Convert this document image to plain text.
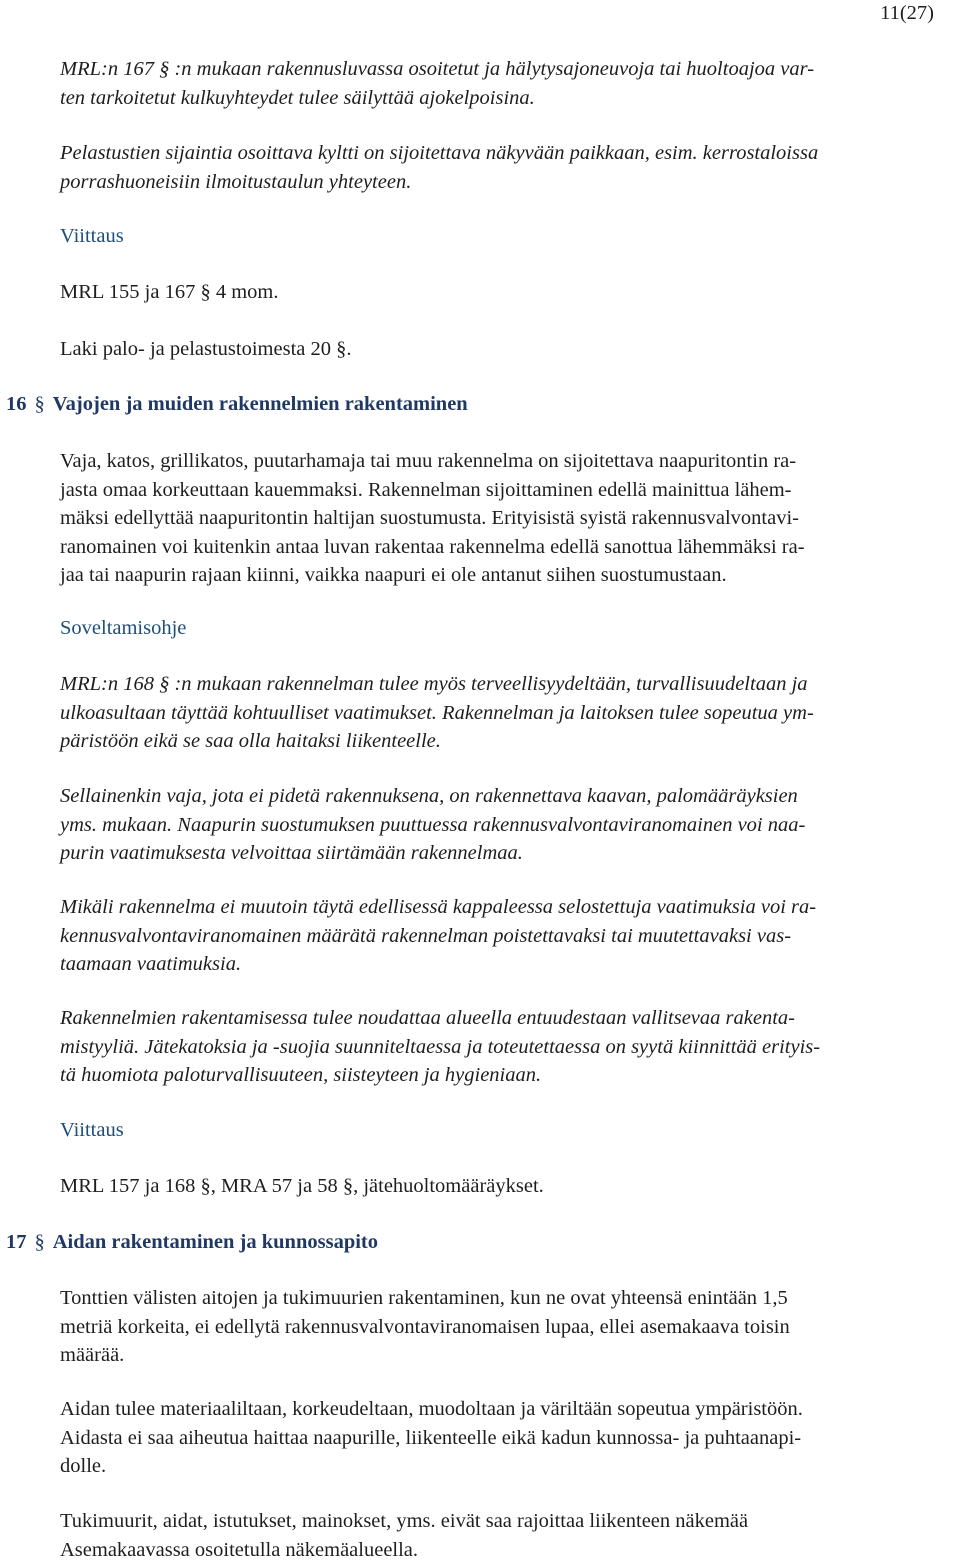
11(27)

MRL:n 167 § :n mukaan rakennusluvassa osoitetut ja hälytysajoneuvoja tai huoltoajoa var-
ten tarkoitetut kulkuyhteydet tulee säilyttää ajokelpoisina.

Pelastustien sijaintia osoittava kyltti on sijoitettava näkyvään paikkaan, esim. kerrostaloissa
porrashuoneisiin ilmoitustaulun yhteyteen.

Viittaus

MRL 155 ja 167 § 4 mom.

Laki palo- ja pelastustoimesta 20 §.

16 § Vajojen ja muiden rakennelmien rakentaminen

Vaja, katos, grillikatos, puutarhamaja tai muu rakennelma on sijoitettava naapuritontin ra-
jasta omaa korkeuttaan kauemmaksi. Rakennelman sijoittaminen edellä mainittua lähem-
mäksi edellyttää naapuritontin haltijan suostumusta. Erityisistä syistä rakennusvalvontavi-
ranomainen voi kuitenkin antaa luvan rakentaa rakennelma edellä sanottua lähemmäksi ra-
jaa tai naapurin rajaan kiinni, vaikka naapuri ei ole antanut siihen suostumustaan.

Soveltamisohje

MRL:n 168 § :n mukaan rakennelman tulee myös terveellisyydeltään, turvallisuudeltaan ja
ulkoasultaan täyttää kohtuulliset vaatimukset. Rakennelman ja laitoksen tulee sopeutua ym-
päristöön eikä se saa olla haitaksi liikenteelle.

Sellainenkin vaja, jota ei pidetä rakennuksena, on rakennettava kaavan, palomääräyksien
yms. mukaan. Naapurin suostumuksen puuttuessa rakennusvalvontaviranomainen voi naa-
purin vaatimuksesta velvoittaa siirtämään rakennelmaa.

Mikäli rakennelma ei muutoin täytä edellisessä kappaleessa selostettuja vaatimuksia voi ra-
kennusvalvontaviranomainen määrätä rakennelman poistettavaksi tai muutettavaksi vas-
taamaan vaatimuksia.

Rakennelmien rakentamisessa tulee noudattaa alueella entuudestaan vallitsevaa rakenta-
mistyyliä. Jätekatoksia ja -suojia suunniteltaessa ja toteutettaessa on syytä kiinnittää erityis-
tä huomiota paloturvallisuuteen, siisteyteen ja hygieniaan.

Viittaus

MRL 157 ja 168 §, MRA 57 ja 58 §, jätehuoltomääräykset.

17 § Aidan rakentaminen ja kunnossapito

Tonttien välisten aitojen ja tukimuurien rakentaminen, kun ne ovat yhteensä enintään 1,5
metriä korkeita, ei edellytä rakennusvalvontaviranomaisen lupaa, ellei asemakaava toisin
määrää.

Aidan tulee materiaaliltaan, korkeudeltaan, muodoltaan ja väriltään sopeutua ympäristöön.
Aidasta ei saa aiheutua haittaa naapurille, liikenteelle eikä kadun kunnossa- ja puhtaanapi-
dolle.

Tukimuurit, aidat, istutukset, mainokset, yms. eivät saa rajoittaa liikenteen näkemää
Asemakaavassa osoitetulla näkemäalueella.
